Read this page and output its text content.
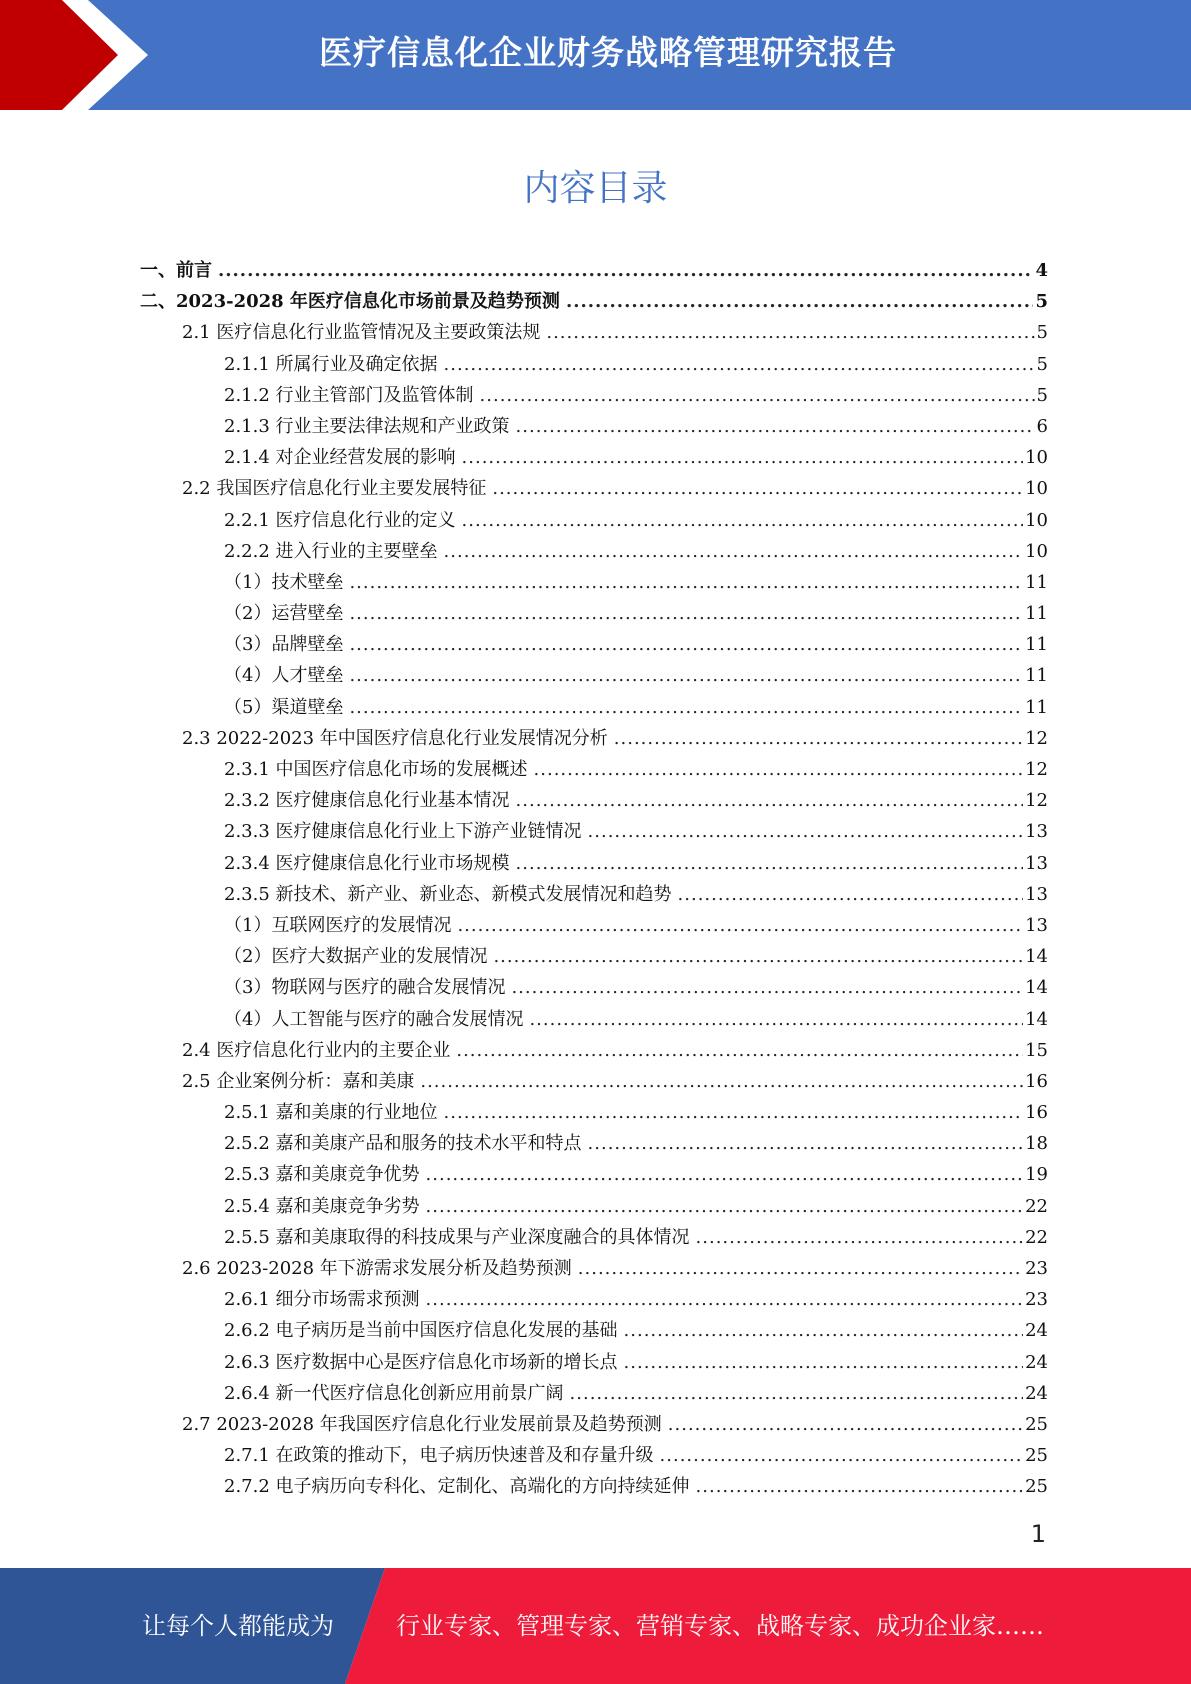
医疗信息化企业财务战略管理研究报告
内容目录
一、前言 .....	4
二、2023-2028 年医疗信息化市场前景及趋势预测 .....	5
2.1 医疗信息化行业监管情况及主要政策法规 .....	5
2.1.1 所属行业及确定依据 .....	5
2.1.2 行业主管部门及监管体制 .....	5
2.1.3 行业主要法律法规和产业政策 .....	6
2.1.4 对企业经营发展的影响 .....	10
2.2 我国医疗信息化行业主要发展特征 .....	10
2.2.1 医疗信息化行业的定义 .....	10
2.2.2 进入行业的主要壁垒 .....	10
（1）技术壁垒 .....	11
（2）运营壁垒 .....	11
（3）品牌壁垒 .....	11
（4）人才壁垒 .....	11
（5）渠道壁垒 .....	11
2.3 2022-2023 年中国医疗信息化行业发展情况分析 .....	12
2.3.1 中国医疗信息化市场的发展概述 .....	12
2.3.2 医疗健康信息化行业基本情况 .....	12
2.3.3 医疗健康信息化行业上下游产业链情况 .....	13
2.3.4 医疗健康信息化行业市场规模 .....	13
2.3.5 新技术、新产业、新业态、新模式发展情况和趋势 .....	13
（1）互联网医疗的发展情况 .....	13
（2）医疗大数据产业的发展情况 .....	14
（3）物联网与医疗的融合发展情况 .....	14
（4）人工智能与医疗的融合发展情况 .....	14
2.4 医疗信息化行业内的主要企业 .....	15
2.5 企业案例分析：嘉和美康 .....	16
2.5.1 嘉和美康的行业地位 .....	16
2.5.2 嘉和美康产品和服务的技术水平和特点 .....	18
2.5.3 嘉和美康竞争优势 .....	19
2.5.4 嘉和美康竞争劣势 .....	22
2.5.5 嘉和美康取得的科技成果与产业深度融合的具体情况 .....	22
2.6 2023-2028 年下游需求发展分析及趋势预测 .....	23
2.6.1 细分市场需求预测 .....	23
2.6.2 电子病历是当前中国医疗信息化发展的基础 .....	24
2.6.3 医疗数据中心是医疗信息化市场新的增长点 .....	24
2.6.4 新一代医疗信息化创新应用前景广阔 .....	24
2.7 2023-2028 年我国医疗信息化行业发展前景及趋势预测 .....	25
2.7.1 在政策的推动下，电子病历快速普及和存量升级 .....	25
2.7.2 电子病历向专科化、定制化、高端化的方向持续延伸 .....	25
1
让每个人都能成为	行业专家、管理专家、营销专家、战略专家、成功企业家……
